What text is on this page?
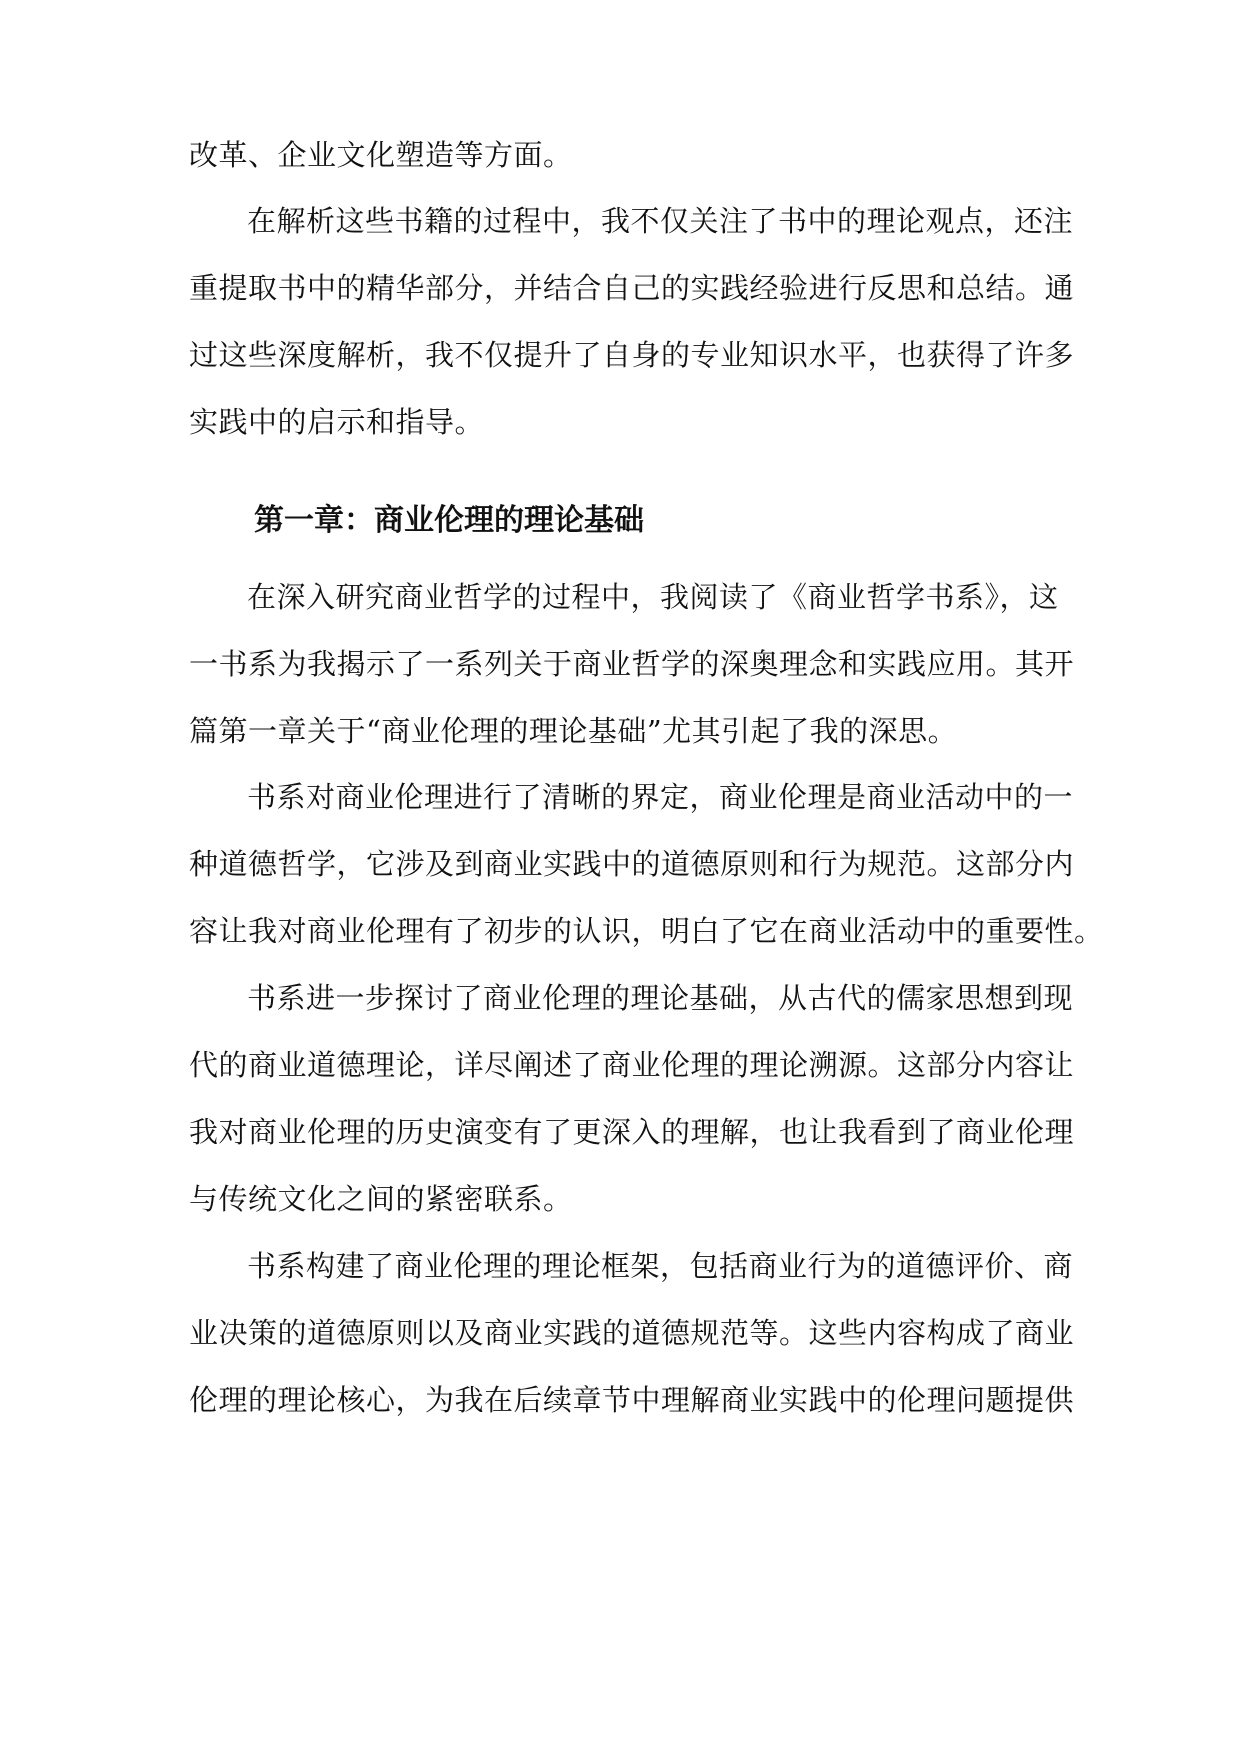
改革、企业文化塑造等方面。
在解析这些书籍的过程中，我不仅关注了书中的理论观点，还注
重提取书中的精华部分，并结合自己的实践经验进行反思和总结。通
过这些深度解析，我不仅提升了自身的专业知识水平，也获得了许多
实践中的启示和指导。
第一章：商业伦理的理论基础
在深入研究商业哲学的过程中，我阅读了《商业哲学书系》，这
一书系为我揭示了一系列关于商业哲学的深奥理念和实践应用。其开
篇第一章关于“商业伦理的理论基础”尤其引起了我的深思。
书系对商业伦理进行了清晰的界定，商业伦理是商业活动中的一
种道德哲学，它涉及到商业实践中的道德原则和行为规范。这部分内
容让我对商业伦理有了初步的认识，明白了它在商业活动中的重要性。
书系进一步探讨了商业伦理的理论基础，从古代的儒家思想到现
代的商业道德理论，详尽阐述了商业伦理的理论溯源。这部分内容让
我对商业伦理的历史演变有了更深入的理解，也让我看到了商业伦理
与传统文化之间的紧密联系。
书系构建了商业伦理的理论框架，包括商业行为的道德评价、商
业决策的道德原则以及商业实践的道德规范等。这些内容构成了商业
伦理的理论核心，为我在后续章节中理解商业实践中的伦理问题提供
